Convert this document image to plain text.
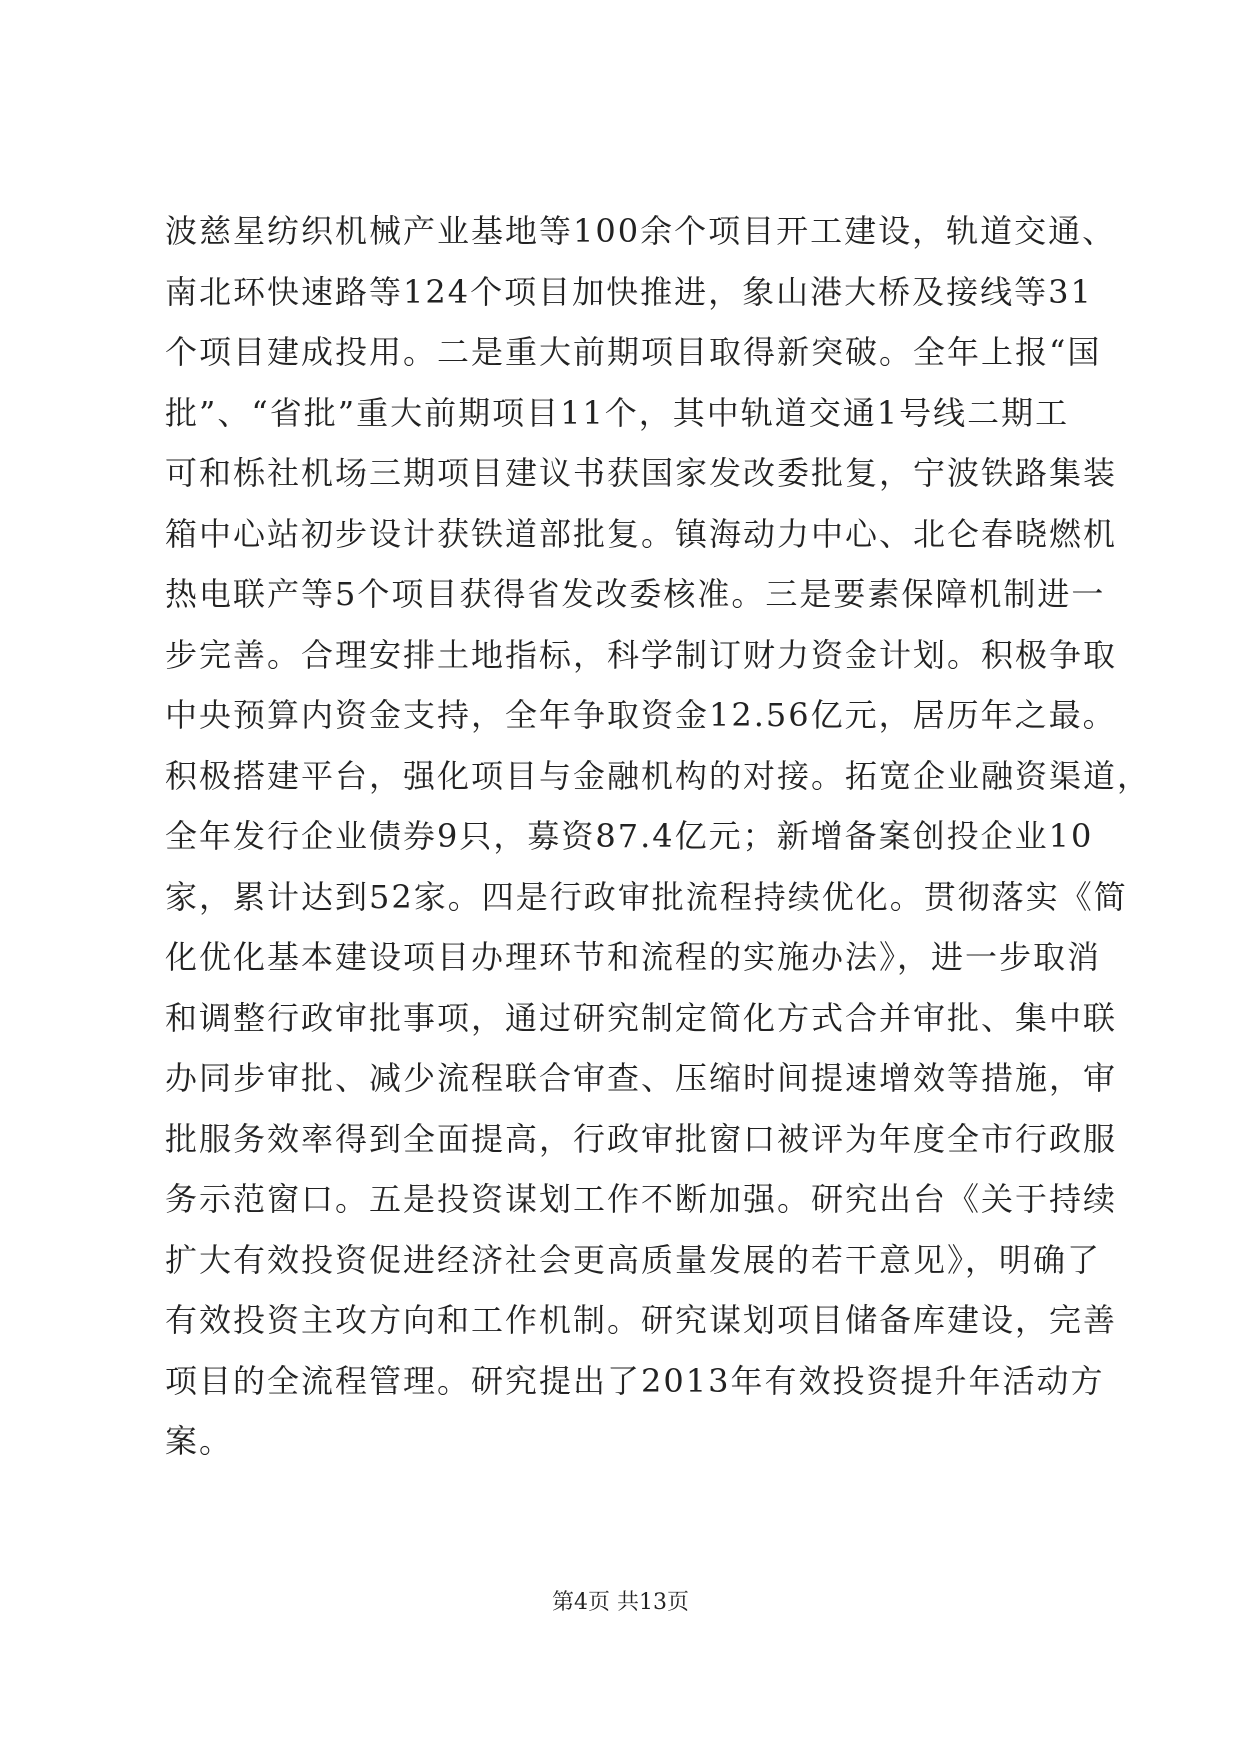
波慈星纺织机械产业基地等100余个项目开工建设，轨道交通、
南北环快速路等124个项目加快推进，象山港大桥及接线等31
个项目建成投用。二是重大前期项目取得新突破。全年上报“国
批”、“省批”重大前期项目11个，其中轨道交通1号线二期工
可和栎社机场三期项目建议书获国家发改委批复，宁波铁路集装
箱中心站初步设计获铁道部批复。镇海动力中心、北仑春晓燃机
热电联产等5个项目获得省发改委核准。三是要素保障机制进一
步完善。合理安排土地指标，科学制订财力资金计划。积极争取
中央预算内资金支持，全年争取资金12.56亿元，居历年之最。
积极搭建平台，强化项目与金融机构的对接。拓宽企业融资渠道，
全年发行企业债券9只，募资87.4亿元；新增备案创投企业10
家，累计达到52家。四是行政审批流程持续优化。贯彻落实《简
化优化基本建设项目办理环节和流程的实施办法》，进一步取消
和调整行政审批事项，通过研究制定简化方式合并审批、集中联
办同步审批、减少流程联合审查、压缩时间提速增效等措施，审
批服务效率得到全面提高，行政审批窗口被评为年度全市行政服
务示范窗口。五是投资谋划工作不断加强。研究出台《关于持续
扩大有效投资促进经济社会更高质量发展的若干意见》，明确了
有效投资主攻方向和工作机制。研究谋划项目储备库建设，完善
项目的全流程管理。研究提出了2013年有效投资提升年活动方
案。
第4页 共13页
